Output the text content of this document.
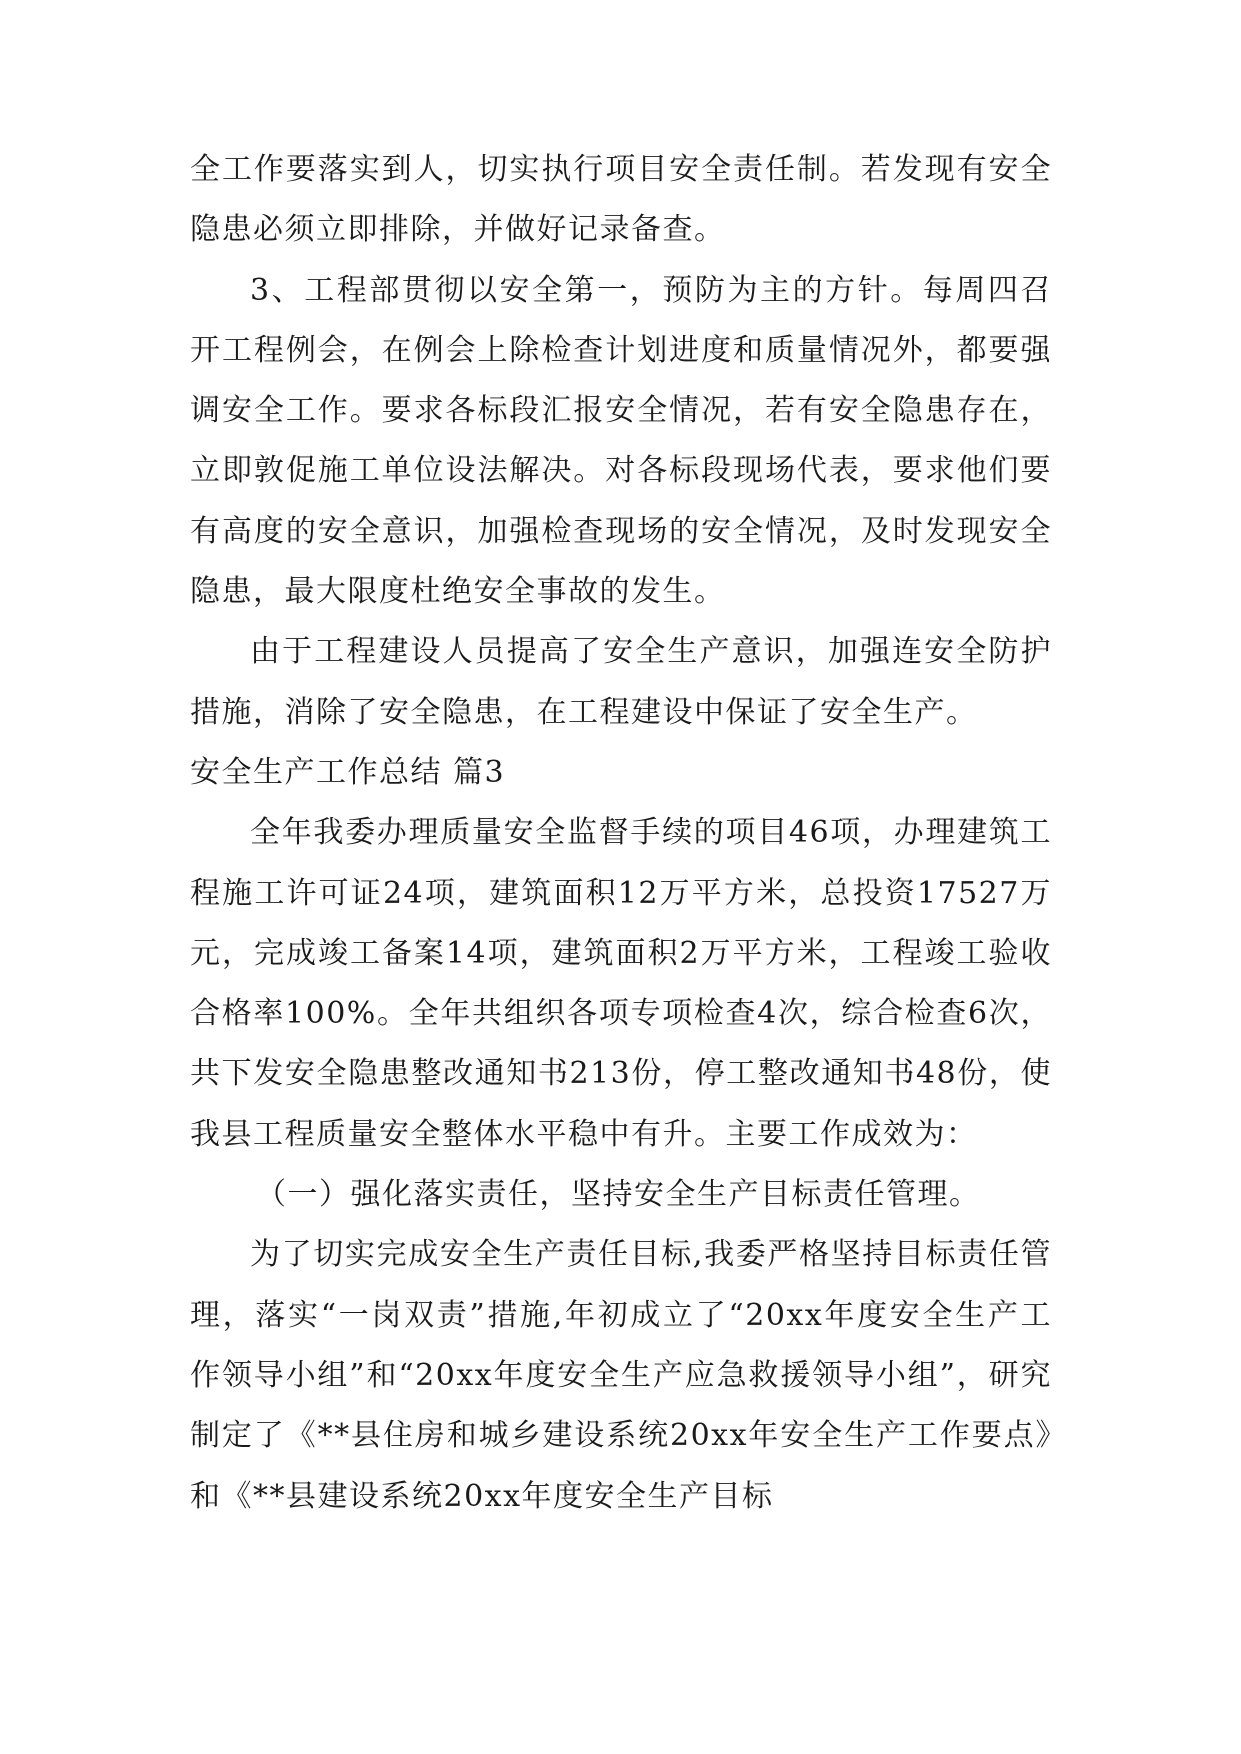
全工作要落实到人，切实执行项目安全责任制。若发现有安全隐患必须立即排除，并做好记录备查。

3、工程部贯彻以安全第一，预防为主的方针。每周四召开工程例会，在例会上除检查计划进度和质量情况外，都要强调安全工作。要求各标段汇报安全情况，若有安全隐患存在，立即敦促施工单位设法解决。对各标段现场代表，要求他们要有高度的安全意识，加强检查现场的安全情况，及时发现安全隐患，最大限度杜绝安全事故的发生。

由于工程建设人员提高了安全生产意识，加强连安全防护措施，消除了安全隐患，在工程建设中保证了安全生产。

安全生产工作总结 篇3

全年我委办理质量安全监督手续的项目46项，办理建筑工程施工许可证24项，建筑面积12万平方米，总投资17527万元，完成竣工备案14项，建筑面积2万平方米，工程竣工验收合格率100%。全年共组织各项专项检查4次，综合检查6次，共下发安全隐患整改通知书213份，停工整改通知书48份，使我县工程质量安全整体水平稳中有升。主要工作成效为：

（一）强化落实责任，坚持安全生产目标责任管理。

为了切实完成安全生产责任目标,我委严格坚持目标责任管理，落实“一岗双责”措施,年初成立了“20xx年度安全生产工作领导小组”和“20xx年度安全生产应急救援领导小组”，研究制定了《**县住房和城乡建设系统20xx年安全生产工作要点》和《**县建设系统20xx年度安全生产目标
